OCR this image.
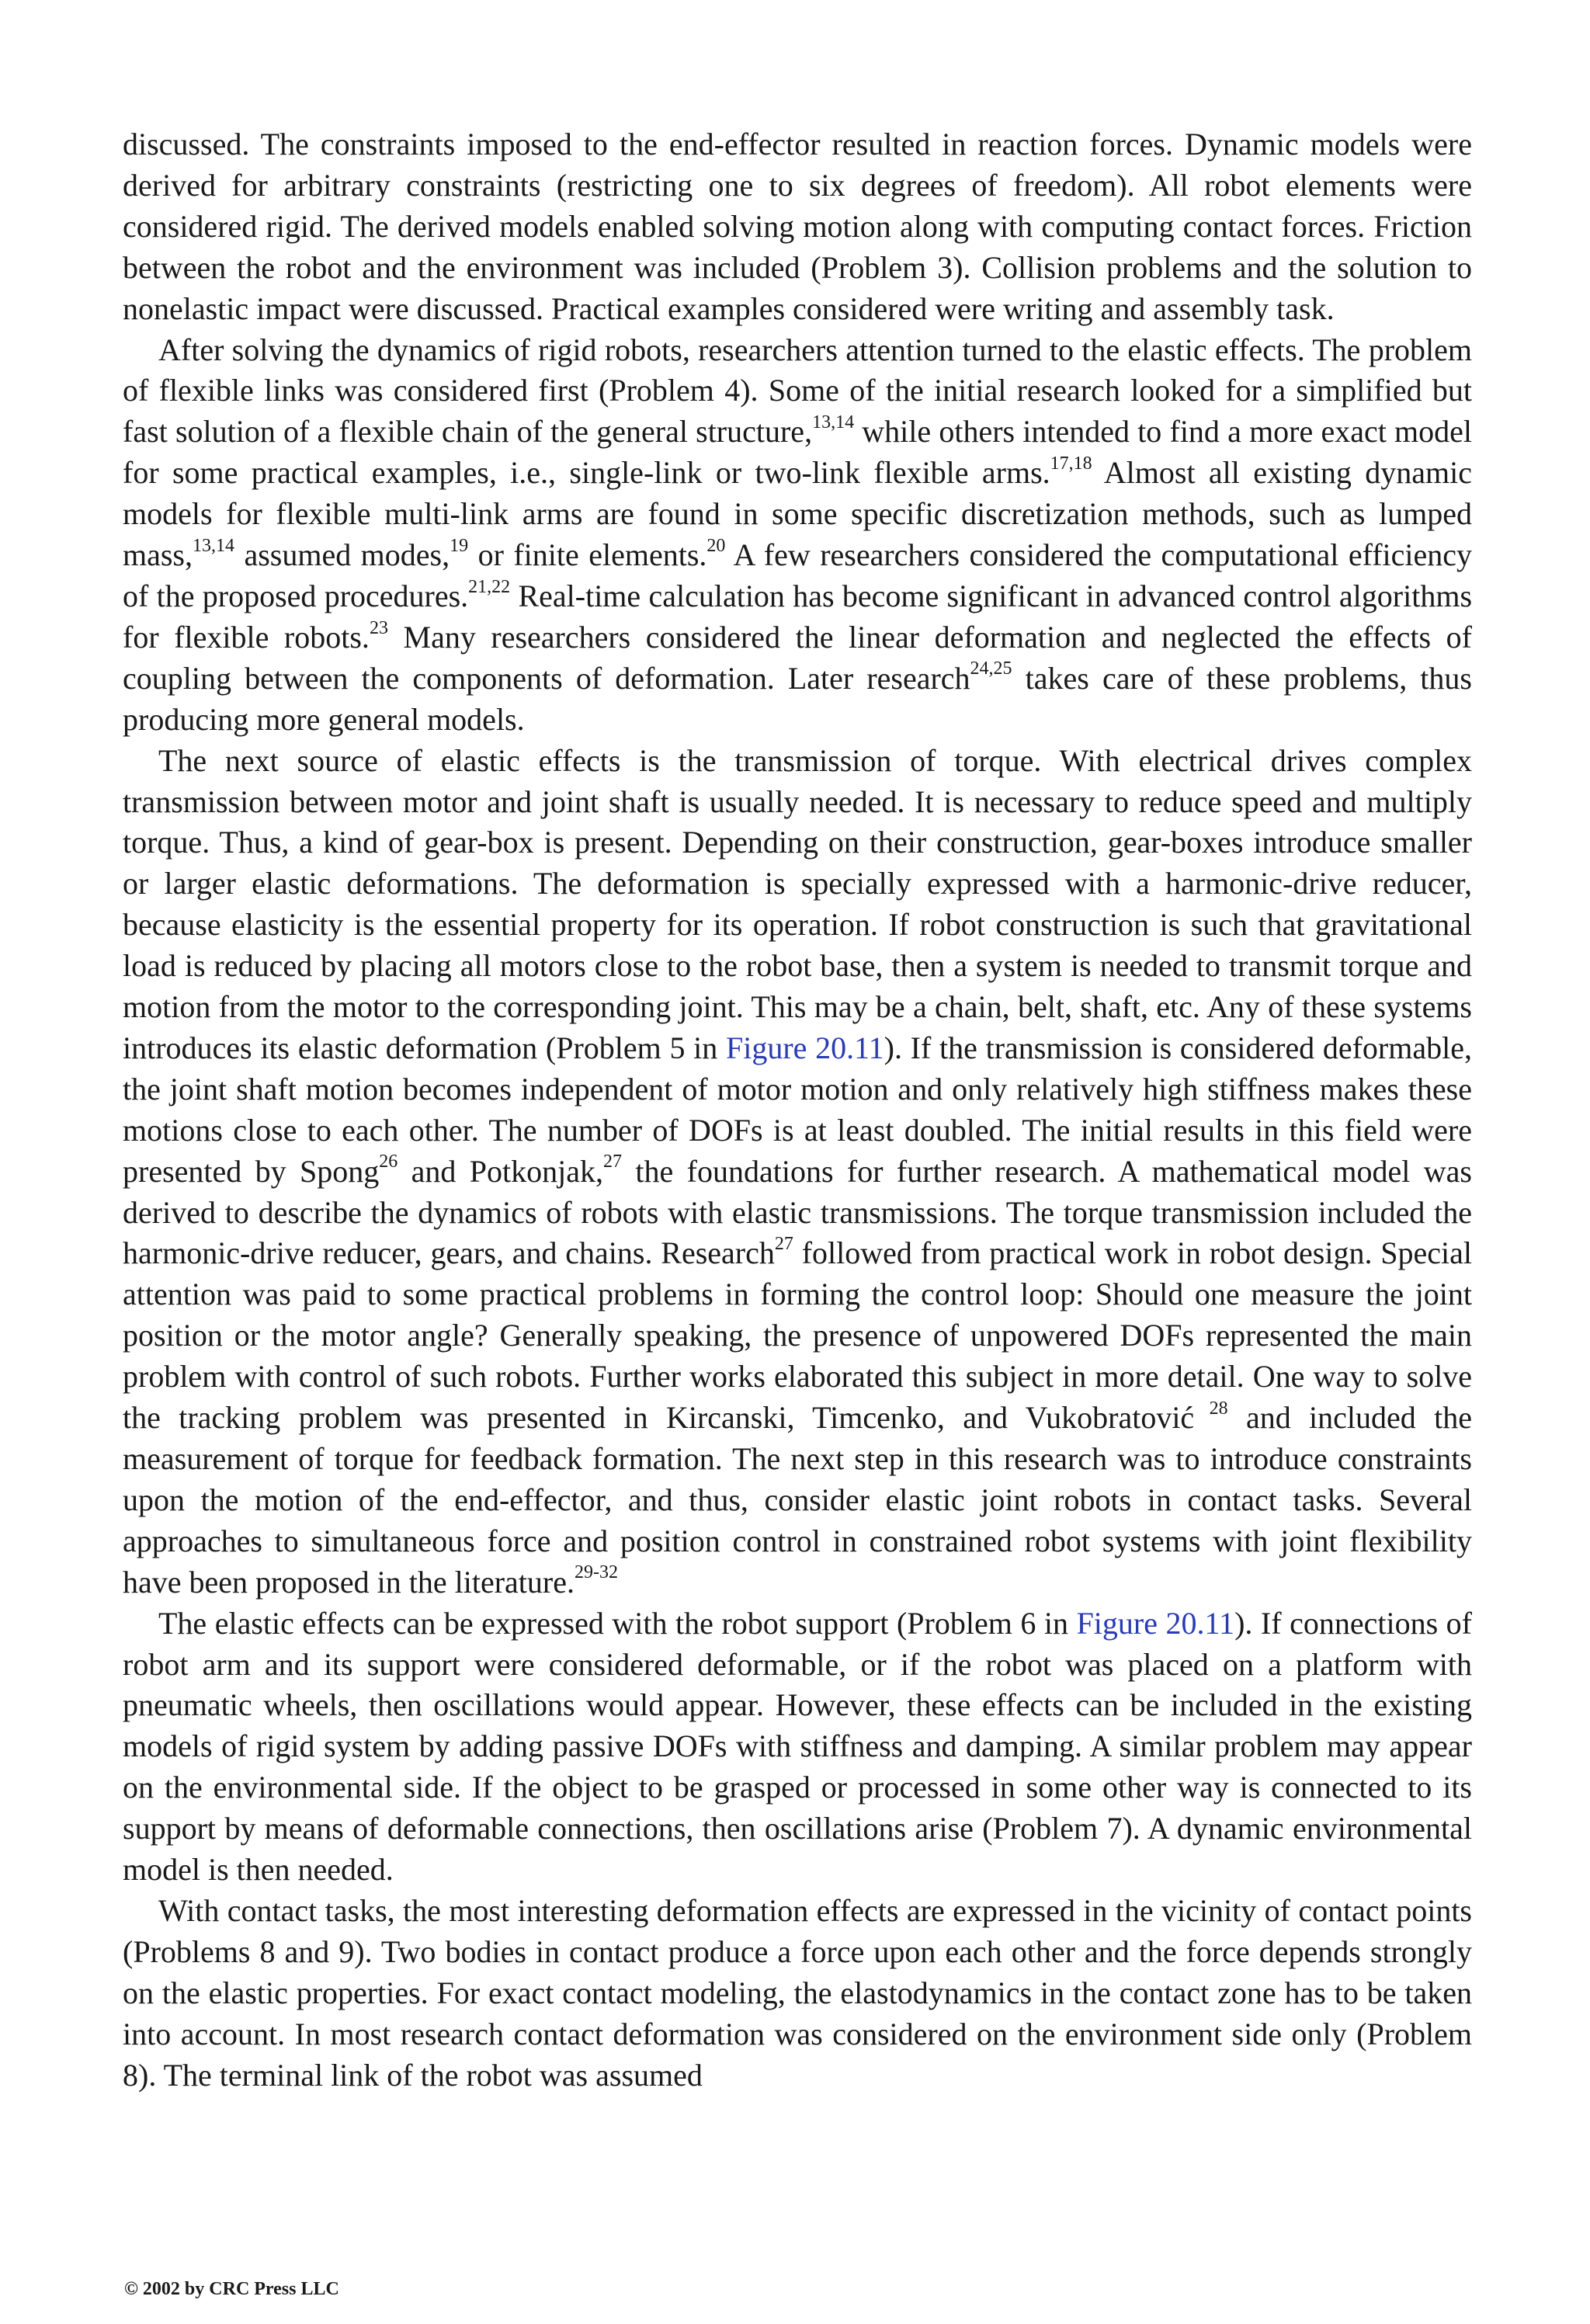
discussed. The constraints imposed to the end-effector resulted in reaction forces. Dynamic models were derived for arbitrary constraints (restricting one to six degrees of freedom). All robot elements were considered rigid. The derived models enabled solving motion along with computing contact forces. Friction between the robot and the environment was included (Problem 3). Collision problems and the solution to nonelastic impact were discussed. Practical examples considered were writing and assembly task.

After solving the dynamics of rigid robots, researchers attention turned to the elastic effects. The problem of flexible links was considered first (Problem 4). Some of the initial research looked for a simplified but fast solution of a flexible chain of the general structure,$^{13,14}$ while others intended to find a more exact model for some practical examples, i.e., single-link or two-link flexible arms.$^{17,18}$ Almost all existing dynamic models for flexible multi-link arms are found in some specific discretization methods, such as lumped mass,$^{13,14}$ assumed modes,$^{19}$ or finite elements.$^{20}$ A few researchers considered the computational efficiency of the proposed procedures.$^{21,22}$ Real-time calculation has become significant in advanced control algorithms for flexible robots.$^{23}$ Many researchers considered the linear deformation and neglected the effects of coupling between the components of deformation. Later research$^{24,25}$ takes care of these problems, thus producing more general models.

The next source of elastic effects is the transmission of torque. With electrical drives complex transmission between motor and joint shaft is usually needed. It is necessary to reduce speed and multiply torque. Thus, a kind of gear-box is present. Depending on their construction, gear-boxes introduce smaller or larger elastic deformations. The deformation is specially expressed with a harmonic-drive reducer, because elasticity is the essential property for its operation. If robot construction is such that gravitational load is reduced by placing all motors close to the robot base, then a system is needed to transmit torque and motion from the motor to the corresponding joint. This may be a chain, belt, shaft, etc. Any of these systems introduces its elastic deformation (Problem 5 in Figure 20.11). If the transmission is considered deformable, the joint shaft motion becomes independent of motor motion and only relatively high stiffness makes these motions close to each other. The number of DOFs is at least doubled. The initial results in this field were presented by Spong$^{26}$ and Potkonjak,$^{27}$ the foundations for further research. A mathematical model was derived to describe the dynamics of robots with elastic transmissions. The torque transmission included the harmonic-drive reducer, gears, and chains. Research$^{27}$ followed from practical work in robot design. Special attention was paid to some practical problems in forming the control loop: Should one measure the joint position or the motor angle? Generally speaking, the presence of unpowered DOFs represented the main problem with control of such robots. Further works elaborated this subject in more detail. One way to solve the tracking problem was presented in Kircanski, Timcenko, and Vukobratović $^{28}$ and included the measurement of torque for feedback formation. The next step in this research was to introduce constraints upon the motion of the end-effector, and thus, consider elastic joint robots in contact tasks. Several approaches to simultaneous force and position control in constrained robot systems with joint flexibility have been proposed in the literature.$^{29-32}$

The elastic effects can be expressed with the robot support (Problem 6 in Figure 20.11). If connections of robot arm and its support were considered deformable, or if the robot was placed on a platform with pneumatic wheels, then oscillations would appear. However, these effects can be included in the existing models of rigid system by adding passive DOFs with stiffness and damping. A similar problem may appear on the environmental side. If the object to be grasped or processed in some other way is connected to its support by means of deformable connections, then oscillations arise (Problem 7). A dynamic environmental model is then needed.

With contact tasks, the most interesting deformation effects are expressed in the vicinity of contact points (Problems 8 and 9). Two bodies in contact produce a force upon each other and the force depends strongly on the elastic properties. For exact contact modeling, the elastodynamics in the contact zone has to be taken into account. In most research contact deformation was considered on the environment side only (Problem 8). The terminal link of the robot was assumed

© 2002 by CRC Press LLC
